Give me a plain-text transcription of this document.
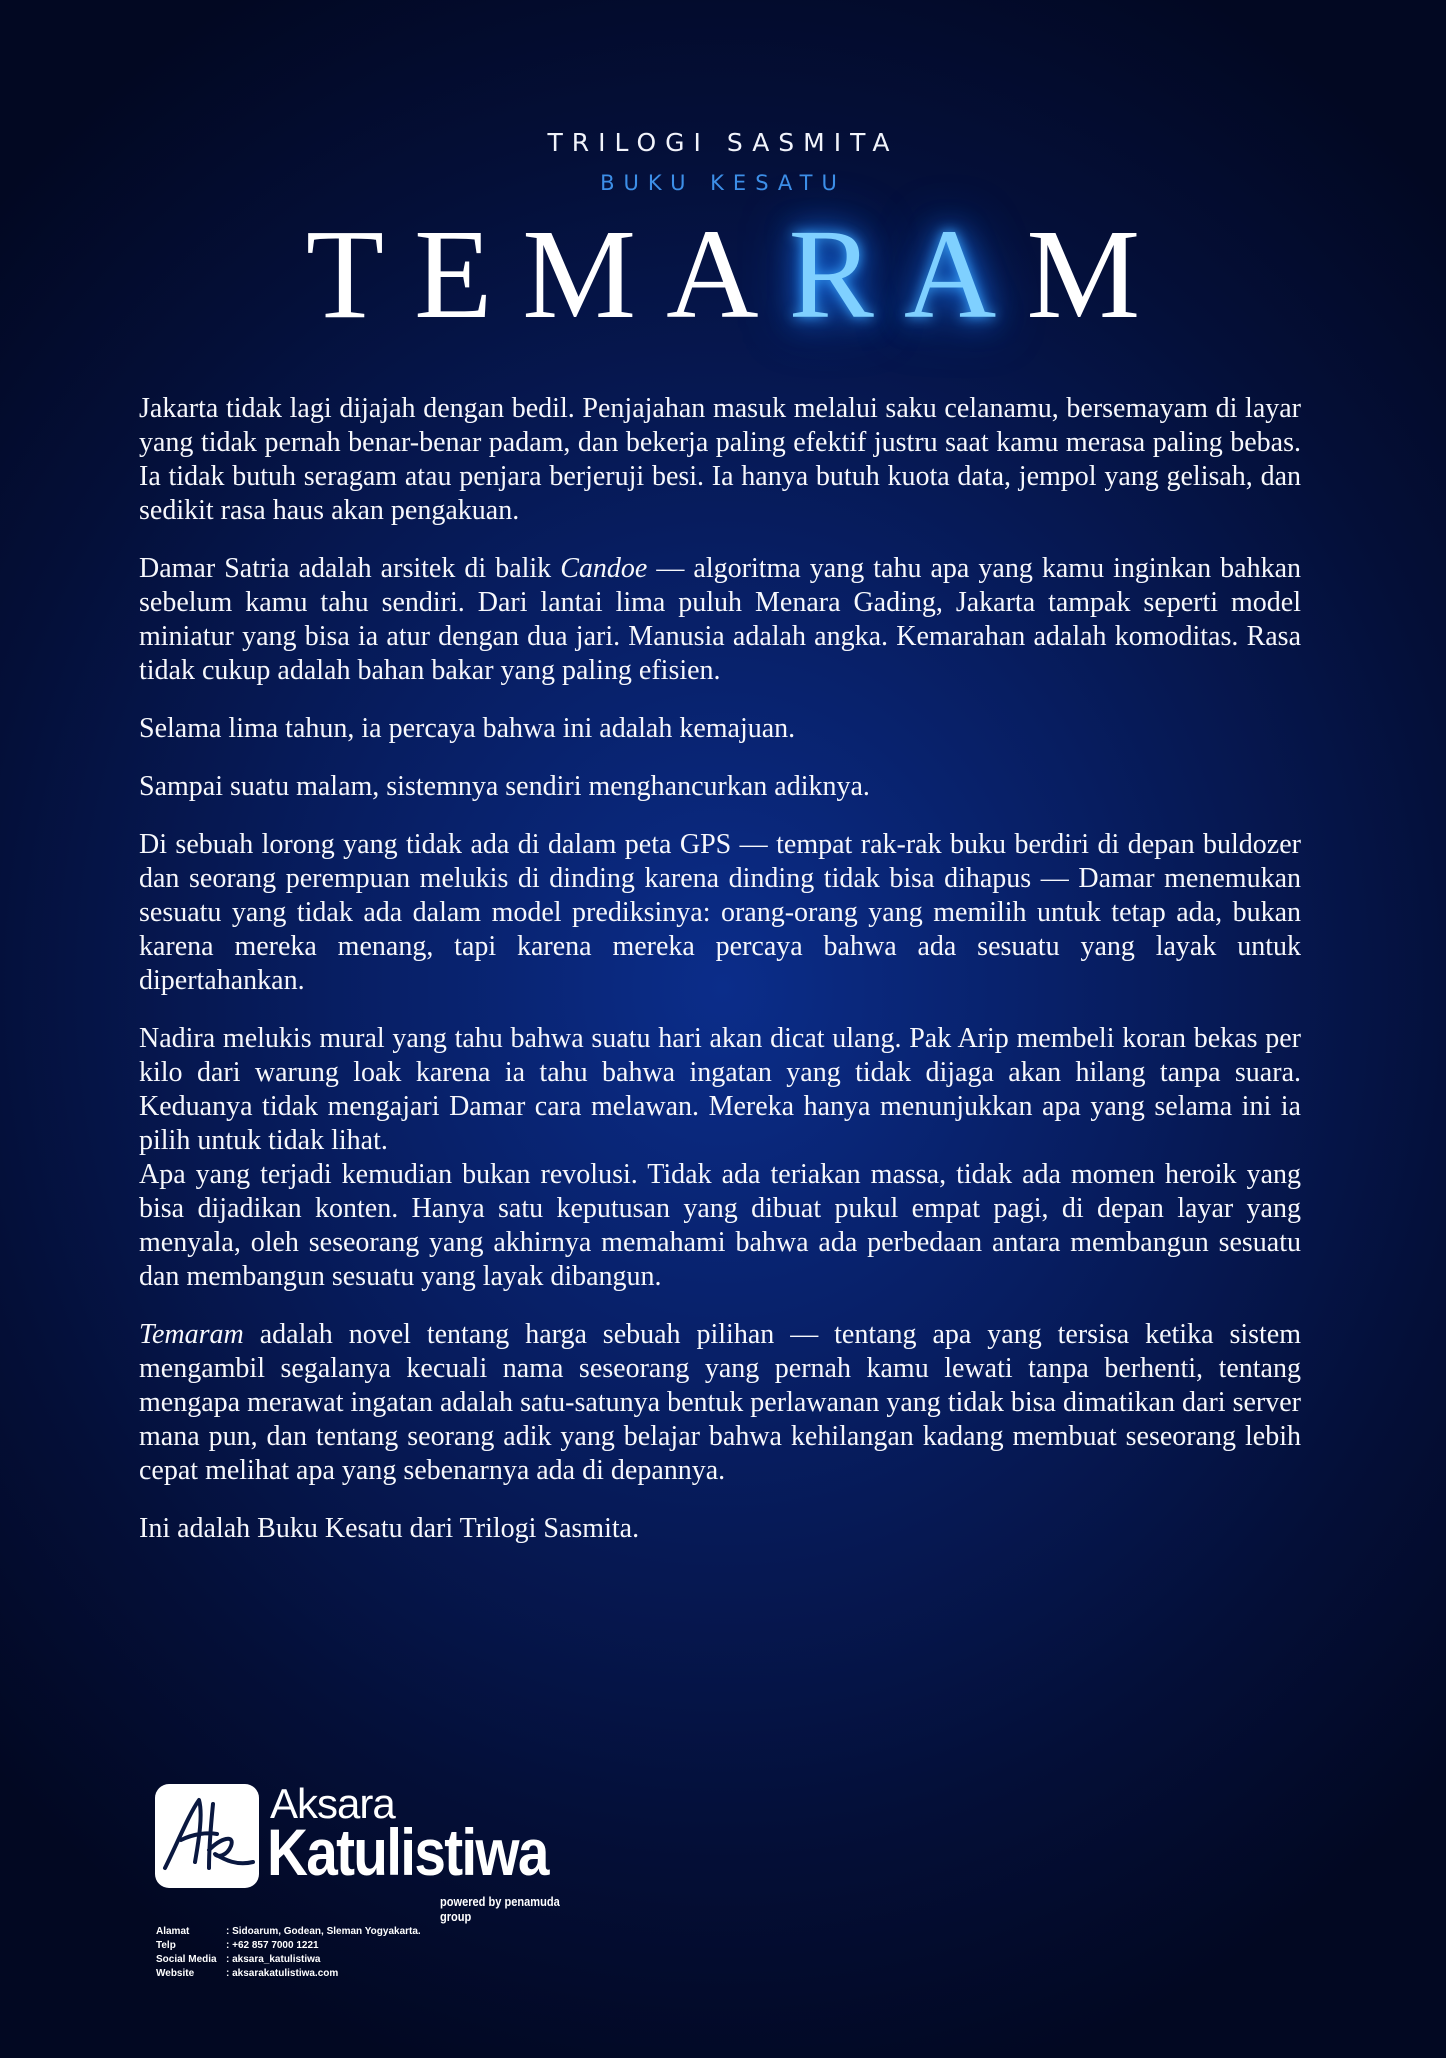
TRILOGI SASMITA
BUKU KESATU
TEMARAM

Jakarta tidak lagi dijajah dengan bedil. Penjajahan masuk melalui saku celanamu, bersemayam di layar yang tidak pernah benar-benar padam, dan bekerja paling efektif justru saat kamu merasa paling bebas. Ia tidak butuh seragam atau penjara berjeruji besi. Ia hanya butuh kuota data, jempol yang gelisah, dan sedikit rasa haus akan pengakuan.

Damar Satria adalah arsitek di balik Candoe — algoritma yang tahu apa yang kamu inginkan bahkan sebelum kamu tahu sendiri. Dari lantai lima puluh Menara Gading, Jakarta tampak seperti model miniatur yang bisa ia atur dengan dua jari. Manusia adalah angka. Kemarahan adalah komoditas. Rasa tidak cukup adalah bahan bakar yang paling efisien.

Selama lima tahun, ia percaya bahwa ini adalah kemajuan.

Sampai suatu malam, sistemnya sendiri menghancurkan adiknya.

Di sebuah lorong yang tidak ada di dalam peta GPS — tempat rak-rak buku berdiri di depan buldozer dan seorang perempuan melukis di dinding karena dinding tidak bisa dihapus — Damar menemukan sesuatu yang tidak ada dalam model prediksinya: orang-orang yang memilih untuk tetap ada, bukan karena mereka menang, tapi karena mereka percaya bahwa ada sesuatu yang layak untuk dipertahankan.

Nadira melukis mural yang tahu bahwa suatu hari akan dicat ulang. Pak Arip membeli koran bekas per kilo dari warung loak karena ia tahu bahwa ingatan yang tidak dijaga akan hilang tanpa suara. Keduanya tidak mengajari Damar cara melawan. Mereka hanya menunjukkan apa yang selama ini ia pilih untuk tidak lihat.

Apa yang terjadi kemudian bukan revolusi. Tidak ada teriakan massa, tidak ada momen heroik yang bisa dijadikan konten. Hanya satu keputusan yang dibuat pukul empat pagi, di depan layar yang menyala, oleh seseorang yang akhirnya memahami bahwa ada perbedaan antara membangun sesuatu dan membangun sesuatu yang layak dibangun.

Temaram adalah novel tentang harga sebuah pilihan — tentang apa yang tersisa ketika sistem mengambil segalanya kecuali nama seseorang yang pernah kamu lewati tanpa berhenti, tentang mengapa merawat ingatan adalah satu-satunya bentuk perlawanan yang tidak bisa dimatikan dari server mana pun, dan tentang seorang adik yang belajar bahwa kehilangan kadang membuat seseorang lebih cepat melihat apa yang sebenarnya ada di depannya.

Ini adalah Buku Kesatu dari Trilogi Sasmita.

Aksara
Katulistiwa
powered by penamuda group
Alamat	: Sidoarum, Godean, Sleman Yogyakarta.
Telp	: +62 857 7000 1221
Social Media : aksara_katulistiwa
Website	: aksarakatulistiwa.com
